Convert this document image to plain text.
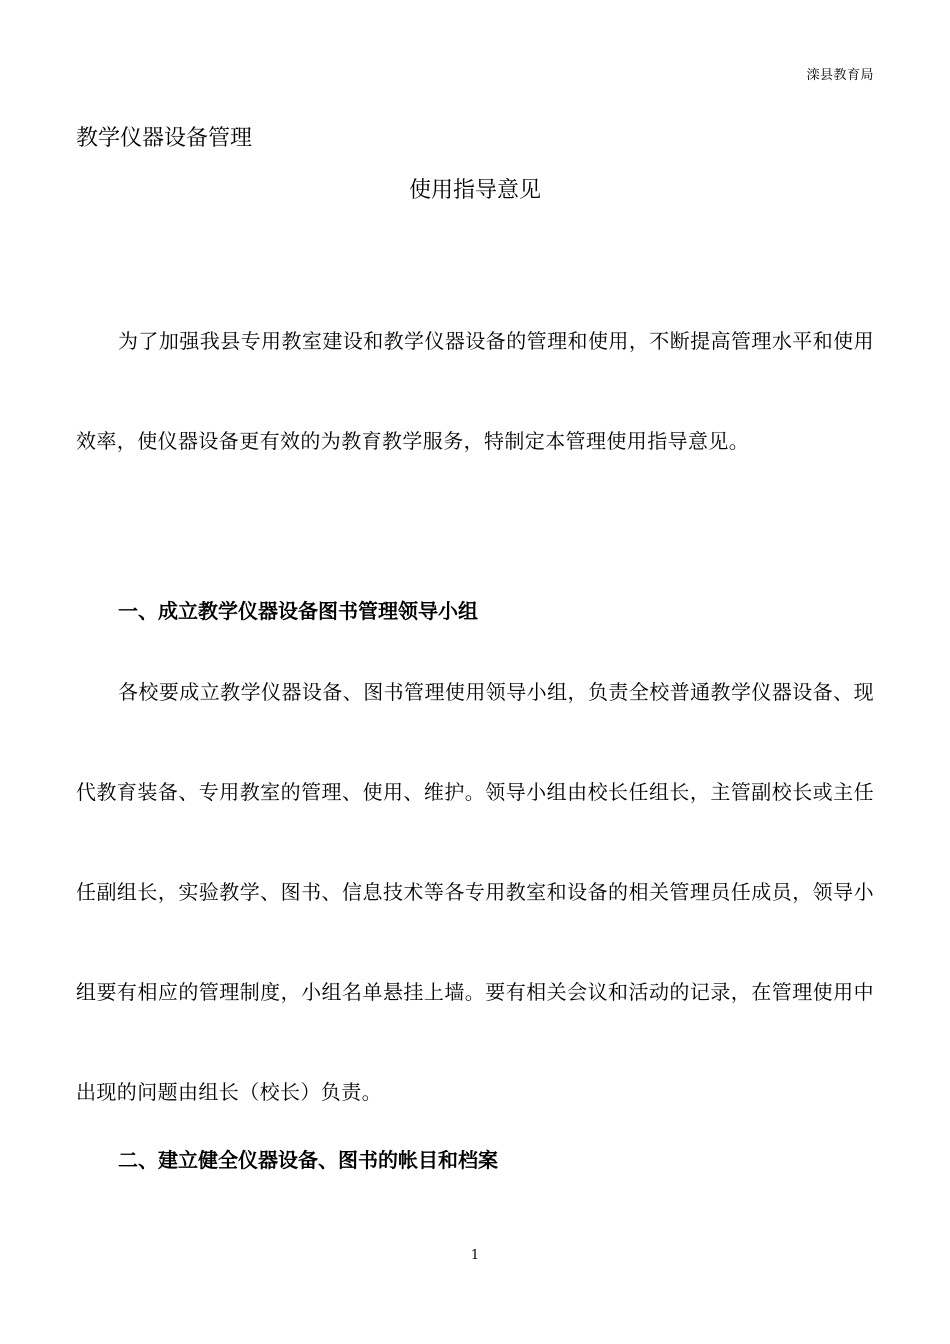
滦县教育局
教学仪器设备管理
使用指导意见
为了加强我县专用教室建设和教学仪器设备的管理和使用，不断提高管理水平和使用效率，使仪器设备更有效的为教育教学服务，特制定本管理使用指导意见。
一、成立教学仪器设备图书管理领导小组
各校要成立教学仪器设备、图书管理使用领导小组，负责全校普通教学仪器设备、现代教育装备、专用教室的管理、使用、维护。领导小组由校长任组长，主管副校长或主任任副组长，实验教学、图书、信息技术等各专用教室和设备的相关管理员任成员，领导小组要有相应的管理制度，小组名单悬挂上墙。要有相关会议和活动的记录，在管理使用中出现的问题由组长（校长）负责。
二、建立健全仪器设备、图书的帐目和档案
1
